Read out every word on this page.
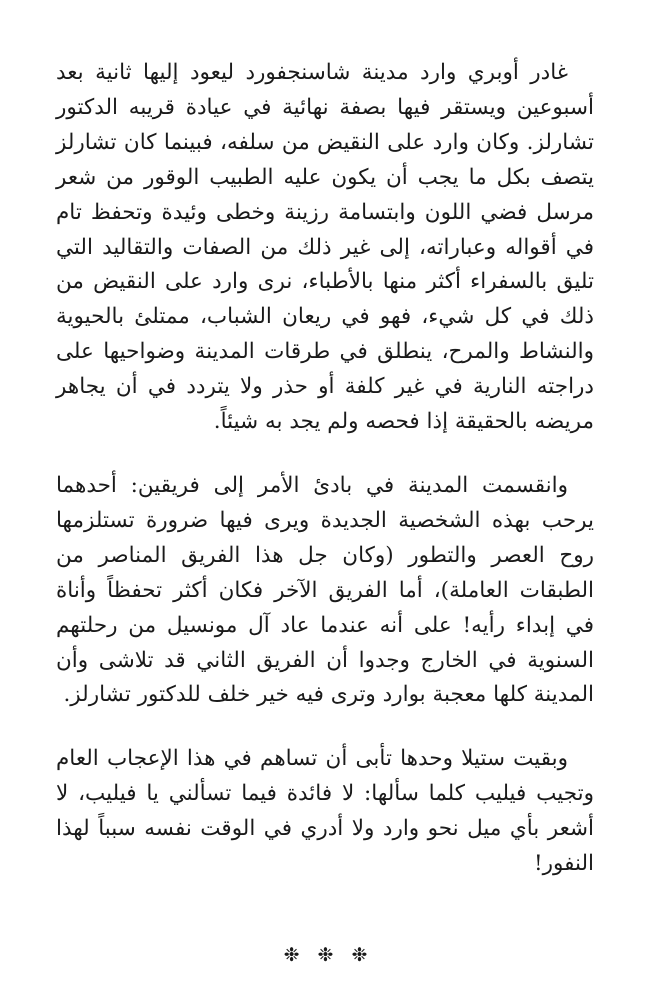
غادر أوبري وارد مدينة شاسنجفورد ليعود إليها ثانية بعد أسبوعين ويستقر فيها بصفة نهائية في عيادة قريبه الدكتور تشارلز. وكان وارد على النقيض من سلفه، فبينما كان تشارلز يتصف بكل ما يجب أن يكون عليه الطبيب الوقور من شعر مرسل فضي اللون وابتسامة رزينة وخطى وئيدة وتحفظ تام في أقواله وعباراته، إلى غير ذلك من الصفات والتقاليد التي تليق بالسفراء أكثر منها بالأطباء، نرى وارد على النقيض من ذلك في كل شيء، فهو في ريعان الشباب، ممتلئ بالحيوية والنشاط والمرح، ينطلق في طرقات المدينة وضواحيها على دراجته النارية في غير كلفة أو حذر ولا يتردد في أن يجاهر مريضه بالحقيقة إذا فحصه ولم يجد به شيئاً.

وانقسمت المدينة في بادئ الأمر إلى فريقين: أحدهما يرحب بهذه الشخصية الجديدة ويرى فيها ضرورة تستلزمها روح العصر والتطور (وكان جل هذا الفريق المناصر من الطبقات العاملة)، أما الفريق الآخر فكان أكثر تحفظاً وأناة في إبداء رأيه! على أنه عندما عاد آل مونسيل من رحلتهم السنوية في الخارج وجدوا أن الفريق الثاني قد تلاشى وأن المدينة كلها معجبة بوارد وترى فيه خير خلف للدكتور تشارلز.

وبقيت ستيلا وحدها تأبى أن تساهم في هذا الإعجاب العام وتجيب فيليب كلما سألها: لا فائدة فيما تسألني يا فيليب، لا أشعر بأي ميل نحو وارد ولا أدري في الوقت نفسه سبباً لهذا النفور!

❉❉❉
